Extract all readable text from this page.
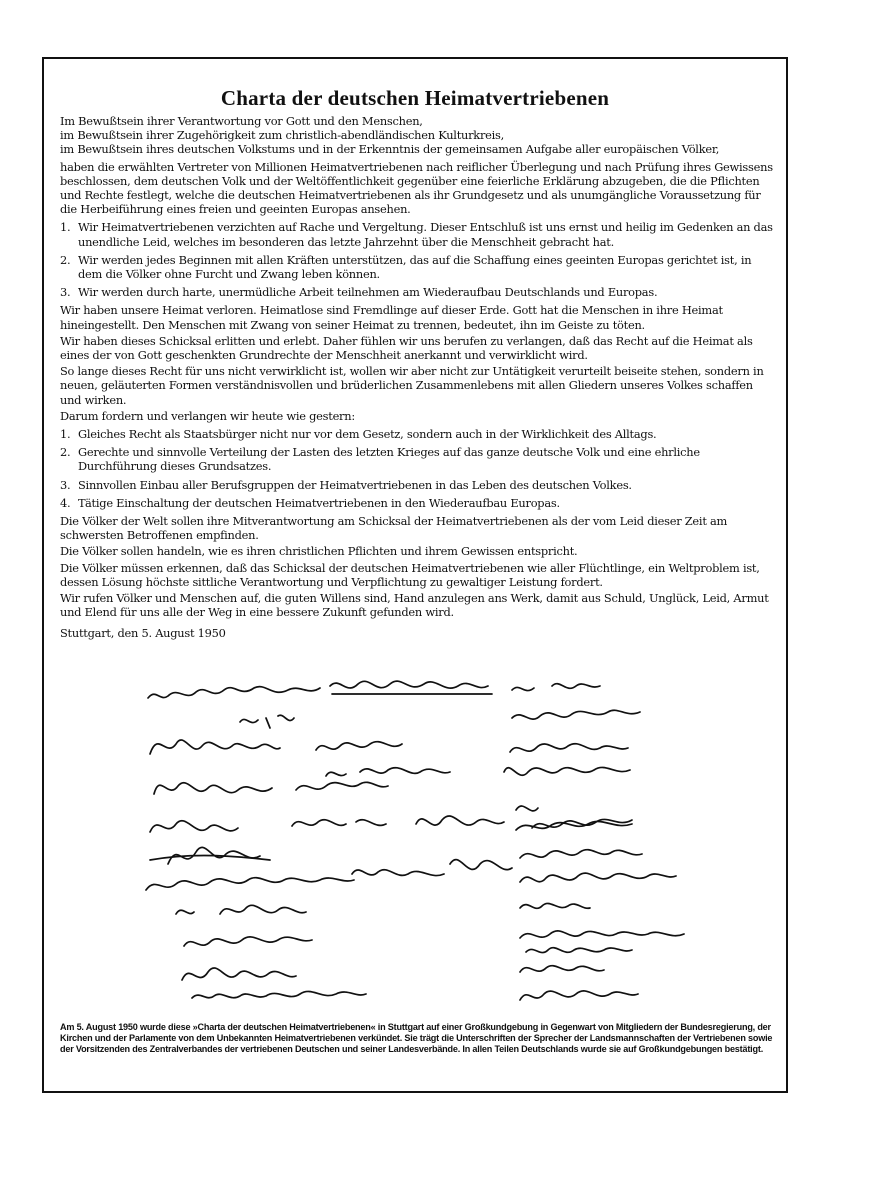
Charta der deutschen Heimatvertriebenen

Im Bewußtsein ihrer Verantwortung vor Gott und den Menschen,

im Bewußtsein ihrer Zugehörigkeit zum christlich-abendländischen Kulturkreis,

im Bewußtsein ihres deutschen Volkstums und in der Erkenntnis der gemeinsamen Aufgabe aller europäischen Völker,

haben die erwählten Vertreter von Millionen Heimatvertriebenen nach reiflicher Überlegung und nach Prüfung ihres Gewissens beschlossen, dem deutschen Volk und der Weltöffentlichkeit gegenüber eine feierliche Erklärung abzugeben, die die Pflichten und Rechte festlegt, welche die deutschen Heimatvertriebenen als ihr Grundgesetz und als unumgängliche Voraussetzung für die Herbeiführung eines freien und geeinten Europas ansehen.

1. Wir Heimatvertriebenen verzichten auf Rache und Vergeltung. Dieser Entschluß ist uns ernst und heilig im Gedenken an das unendliche Leid, welches im besonderen das letzte Jahrzehnt über die Menschheit gebracht hat.
2. Wir werden jedes Beginnen mit allen Kräften unterstützen, das auf die Schaffung eines geeinten Europas gerichtet ist, in dem die Völker ohne Furcht und Zwang leben können.
3. Wir werden durch harte, unermüdliche Arbeit teilnehmen am Wiederaufbau Deutschlands und Europas.

Wir haben unsere Heimat verloren. Heimatlose sind Fremdlinge auf dieser Erde. Gott hat die Menschen in ihre Heimat hineingestellt. Den Menschen mit Zwang von seiner Heimat zu trennen, bedeutet, ihn im Geiste zu töten.

Wir haben dieses Schicksal erlitten und erlebt. Daher fühlen wir uns berufen zu verlangen, daß das Recht auf die Heimat als eines der von Gott geschenkten Grundrechte der Menschheit anerkannt und verwirklicht wird.

So lange dieses Recht für uns nicht verwirklicht ist, wollen wir aber nicht zur Untätigkeit verurteilt beiseite stehen, sondern in neuen, geläuterten Formen verständnisvollen und brüderlichen Zusammenlebens mit allen Gliedern unseres Volkes schaffen und wirken.

Darum fordern und verlangen wir heute wie gestern:

1. Gleiches Recht als Staatsbürger nicht nur vor dem Gesetz, sondern auch in der Wirklichkeit des Alltags.
2. Gerechte und sinnvolle Verteilung der Lasten des letzten Krieges auf das ganze deutsche Volk und eine ehrliche Durchführung dieses Grundsatzes.
3. Sinnvollen Einbau aller Berufsgruppen der Heimatvertriebenen in das Leben des deutschen Volkes.
4. Tätige Einschaltung der deutschen Heimatvertriebenen in den Wiederaufbau Europas.

Die Völker der Welt sollen ihre Mitverantwortung am Schicksal der Heimatvertriebenen als der vom Leid dieser Zeit am schwersten Betroffenen empfinden.

Die Völker sollen handeln, wie es ihren christlichen Pflichten und ihrem Gewissen entspricht.

Die Völker müssen erkennen, daß das Schicksal der deutschen Heimatvertriebenen wie aller Flüchtlinge, ein Weltproblem ist, dessen Lösung höchste sittliche Verantwortung und Verpflichtung zu gewaltiger Leistung fordert.

Wir rufen Völker und Menschen auf, die guten Willens sind, Hand anzulegen ans Werk, damit aus Schuld, Unglück, Leid, Armut und Elend für uns alle der Weg in eine bessere Zukunft gefunden wird.

Stuttgart, den 5. August 1950

Am 5. August 1950 wurde diese »Charta der deutschen Heimatvertriebenen« in Stuttgart auf einer Großkundgebung in Gegenwart von Mitgliedern der Bundesregierung, der Kirchen und der Parlamente von dem Unbekannten Heimatvertriebenen verkündet. Sie trägt die Unterschriften der Sprecher der Landsmannschaften der Vertriebenen sowie der Vorsitzenden des Zentralverbandes der vertriebenen Deutschen und seiner Landesverbände. In allen Teilen Deutschlands wurde sie auf Großkundgebungen bestätigt.
